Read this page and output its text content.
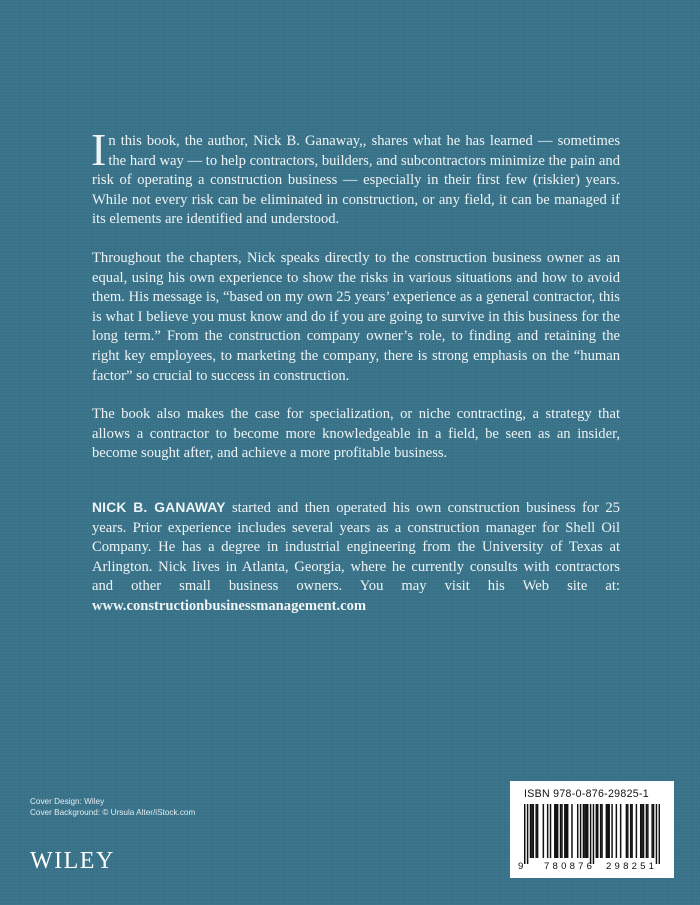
In this book, the author, Nick B. Ganaway,, shares what he has learned — sometimes the hard way — to help contractors, builders, and subcontractors minimize the pain and risk of operating a construction business — especially in their first few (riskier) years. While not every risk can be eliminated in construction, or any field, it can be managed if its elements are identified and understood.

Throughout the chapters, Nick speaks directly to the construction business owner as an equal, using his own experience to show the risks in various situations and how to avoid them. His message is, “based on my own 25 years’ experience as a general contractor, this is what I believe you must know and do if you are going to survive in this business for the long term.” From the construction company owner’s role, to finding and retaining the right key employees, to marketing the company, there is strong emphasis on the “human factor” so crucial to success in construction.

The book also makes the case for specialization, or niche contracting, a strategy that allows a contractor to become more knowledgeable in a field, be seen as an insider, become sought after, and achieve a more profitable business.

NICK B. GANAWAY started and then operated his own construction business for 25 years. Prior experience includes several years as a construction manager for Shell Oil Company. He has a degree in industrial engineering from the University of Texas at Arlington. Nick lives in Atlanta, Georgia, where he currently consults with contractors and other small business owners. You may visit his Web site at: www.constructionbusinessmanagement.com

Cover Design: Wiley
Cover Background: © Ursula Alter/iStock.com
WILEY
ISBN 978-0-876-29825-1
9 780876 298251
